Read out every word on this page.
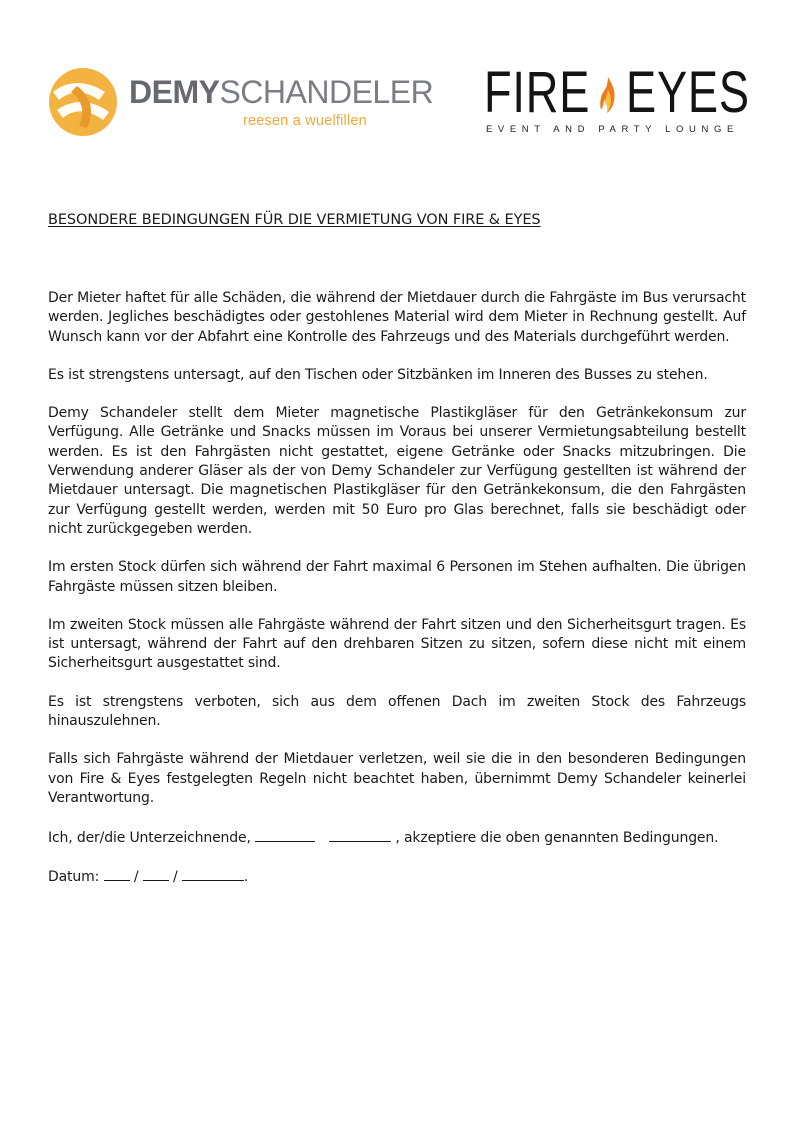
DEMYSCHANDELER
reesen a wuelfillen FIRE EYES
EVENT AND PARTY LOUNGE
BESONDERE BEDINGUNGEN FÜR DIE VERMIETUNG VON FIRE & EYES

Der Mieter haftet für alle Schäden, die während der Mietdauer durch die Fahrgäste im Bus verursacht werden. Jegliches beschädigtes oder gestohlenes Material wird dem Mieter in Rechnung gestellt. Auf Wunsch kann vor der Abfahrt eine Kontrolle des Fahrzeugs und des Materials durchgeführt werden.

Es ist strengstens untersagt, auf den Tischen oder Sitzbänken im Inneren des Busses zu stehen.

Demy Schandeler stellt dem Mieter magnetische Plastikgläser für den Getränkekonsum zur Verfügung. Alle Getränke und Snacks müssen im Voraus bei unserer Vermietungsabteilung bestellt werden. Es ist den Fahrgästen nicht gestattet, eigene Getränke oder Snacks mitzubringen. Die Verwendung anderer Gläser als der von Demy Schandeler zur Verfügung gestellten ist während der Mietdauer untersagt. Die magnetischen Plastikgläser für den Getränkekonsum, die den Fahrgästen zur Verfügung gestellt werden, werden mit 50 Euro pro Glas berechnet, falls sie beschädigt oder nicht zurückgegeben werden.

Im ersten Stock dürfen sich während der Fahrt maximal 6 Personen im Stehen aufhalten. Die übrigen Fahrgäste müssen sitzen bleiben.

Im zweiten Stock müssen alle Fahrgäste während der Fahrt sitzen und den Sicherheitsgurt tragen. Es ist untersagt, während der Fahrt auf den drehbaren Sitzen zu sitzen, sofern diese nicht mit einem Sicherheitsgurt ausgestattet sind.

Es ist strengstens verboten, sich aus dem offenen Dach im zweiten Stock des Fahrzeugs hinauszulehnen.

Falls sich Fahrgäste während der Mietdauer verletzen, weil sie die in den besonderen Bedingungen von Fire & Eyes festgelegten Regeln nicht beachtet haben, übernimmt Demy Schandeler keinerlei Verantwortung.

Ich, der/die Unterzeichnende,	, akzeptiere die oben genannten Bedingungen.
Datum: / /	.
